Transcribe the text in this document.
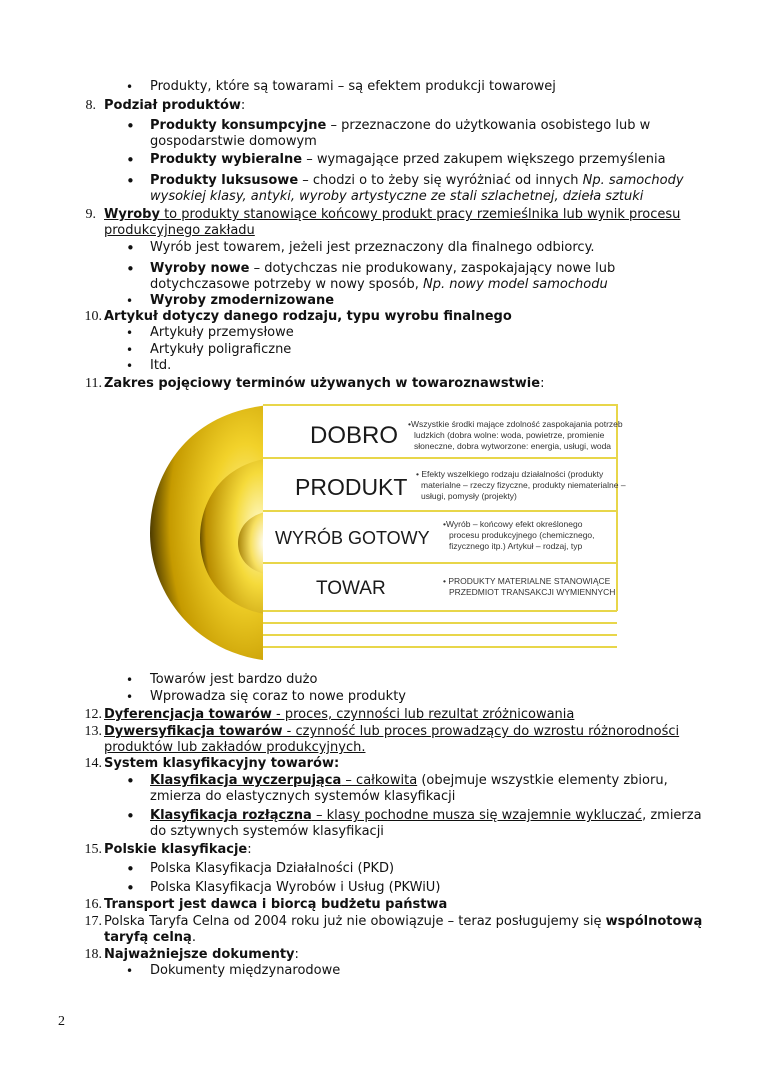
• Produkty, które są towarami – są efektem produkcji towarowej
8. Podział produktów:
• Produkty konsumpcyjne – przeznaczone do użytkowania osobistego lub w
gospodarstwie domowym
• Produkty wybieralne – wymagające przed zakupem większego przemyślenia
• Produkty luksusowe – chodzi o to żeby się wyróżniać od innych Np. samochody
wysokiej klasy, antyki, wyroby artystyczne ze stali szlachetnej, dzieła sztuki
9. Wyroby to produkty stanowiące końcowy produkt pracy rzemieślnika lub wynik procesu
produkcyjnego zakładu
• Wyrób jest towarem, jeżeli jest przeznaczony dla finalnego odbiorcy.
• Wyroby nowe – dotychczas nie produkowany, zaspokajający nowe lub
dotychczasowe potrzeby w nowy sposób, Np. nowy model samochodu
• Wyroby zmodernizowane
10. Artykuł dotyczy danego rodzaju, typu wyrobu finalnego
• Artykuły przemysłowe
• Artykuły poligraficzne
• Itd.
11. Zakres pojęciowy terminów używanych w towaroznawstwie:
DOBRO
PRODUKT
WYRÓB GOTOWY
TOWAR
•Wszystkie środki mające zdolność zaspokajania potrzeb
ludzkich (dobra wolne: woda, powietrze, promienie
słoneczne, dobra wytworzone: energia, usługi, woda
• Efekty wszelkiego rodzaju działalności (produkty
materialne – rzeczy fizyczne, produkty niematerialne –
usługi, pomysły (projekty)
•Wyrób – końcowy efekt określonego
procesu produkcyjnego (chemicznego,
fizycznego itp.) Artykuł – rodzaj, typ
• PRODUKTY MATERIALNE STANOWIĄCE
PRZEDMIOT TRANSAKCJI WYMIENNYCH
• Towarów jest bardzo dużo
• Wprowadza się coraz to nowe produkty
12. Dyferencjacja towarów - proces, czynności lub rezultat zróżnicowania
13. Dywersyfikacja towarów - czynność lub proces prowadzący do wzrostu różnorodności
produktów lub zakładów produkcyjnych.
14. System klasyfikacyjny towarów:
• Klasyfikacja wyczerpująca – całkowita (obejmuje wszystkie elementy zbioru,
zmierza do elastycznych systemów klasyfikacji
• Klasyfikacja rozłączna – klasy pochodne musza się wzajemnie wykluczać, zmierza
do sztywnych systemów klasyfikacji
15. Polskie klasyfikacje:
• Polska Klasyfikacja Działalności (PKD)
• Polska Klasyfikacja Wyrobów i Usług (PKWiU)
16. Transport jest dawca i biorcą budżetu państwa
17. Polska Taryfa Celna od 2004 roku już nie obowiązuje – teraz posługujemy się wspólnotową
taryfą celną.
18. Najważniejsze dokumenty:
• Dokumenty międzynarodowe
2
